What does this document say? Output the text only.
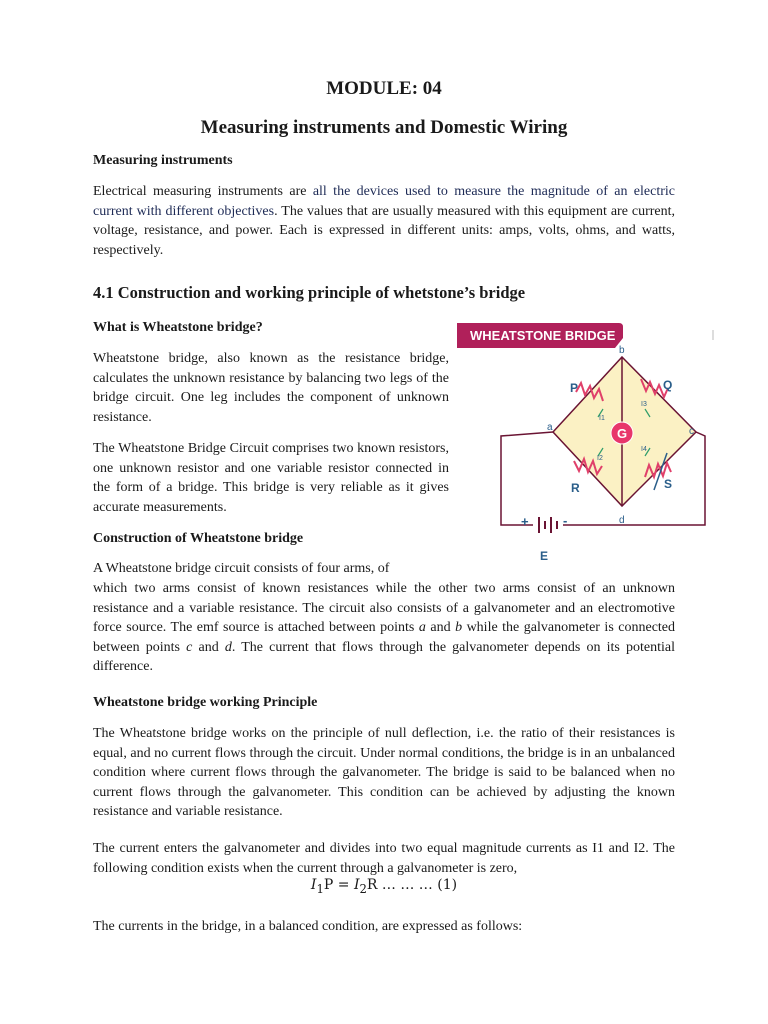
MODULE: 04
Measuring instruments and Domestic Wiring
Measuring instruments

Electrical measuring instruments are all the devices used to measure the magnitude of an electric current with different objectives. The values that are usually measured with this equipment are current, voltage, resistance, and power. Each is expressed in different units: amps, volts, ohms, and watts, respectively.

4.1 Construction and working principle of whetstone’s bridge
What is Wheatstone bridge?

Wheatstone bridge, also known as the resistance bridge, calculates the unknown resistance by balancing two legs of the bridge circuit. One leg includes the component of unknown resistance.

The Wheatstone Bridge Circuit comprises two known resistors, one unknown resistor and one variable resistor connected in the form of a bridge. This bridge is very reliable as it gives accurate measurements.

Construction of Wheatstone bridge

A Wheatstone bridge circuit consists of four arms, of

which two arms consist of known resistances while the other two arms consist of an unknown resistance and a variable resistance. The circuit also consists of a galvanometer and an electromotive force source. The emf source is attached between points a and b while the galvanometer is connected between points c and d. The current that flows through the galvanometer depends on its potential difference.

Wheatstone bridge working Principle

The Wheatstone bridge works on the principle of null deflection, i.e. the ratio of their resistances is equal, and no current flows through the circuit. Under normal conditions, the bridge is in an unbalanced condition where current flows through the galvanometer. The bridge is said to be balanced when no current flows through the galvanometer. This condition can be achieved by adjusting the known resistance and variable resistance.

The current enters the galvanometer and divides into two equal magnitude currents as I1 and I2. The following condition exists when the current through a galvanometer is zero,

$I_1P = I_2R$ … … … (1)

The currents in the bridge, in a balanced condition, are expressed as follows:

WHEATSTONE BRIDGE
G
b
a	c
d
P	Q
R	S
I1
I3
I2
I4
+	-
E
